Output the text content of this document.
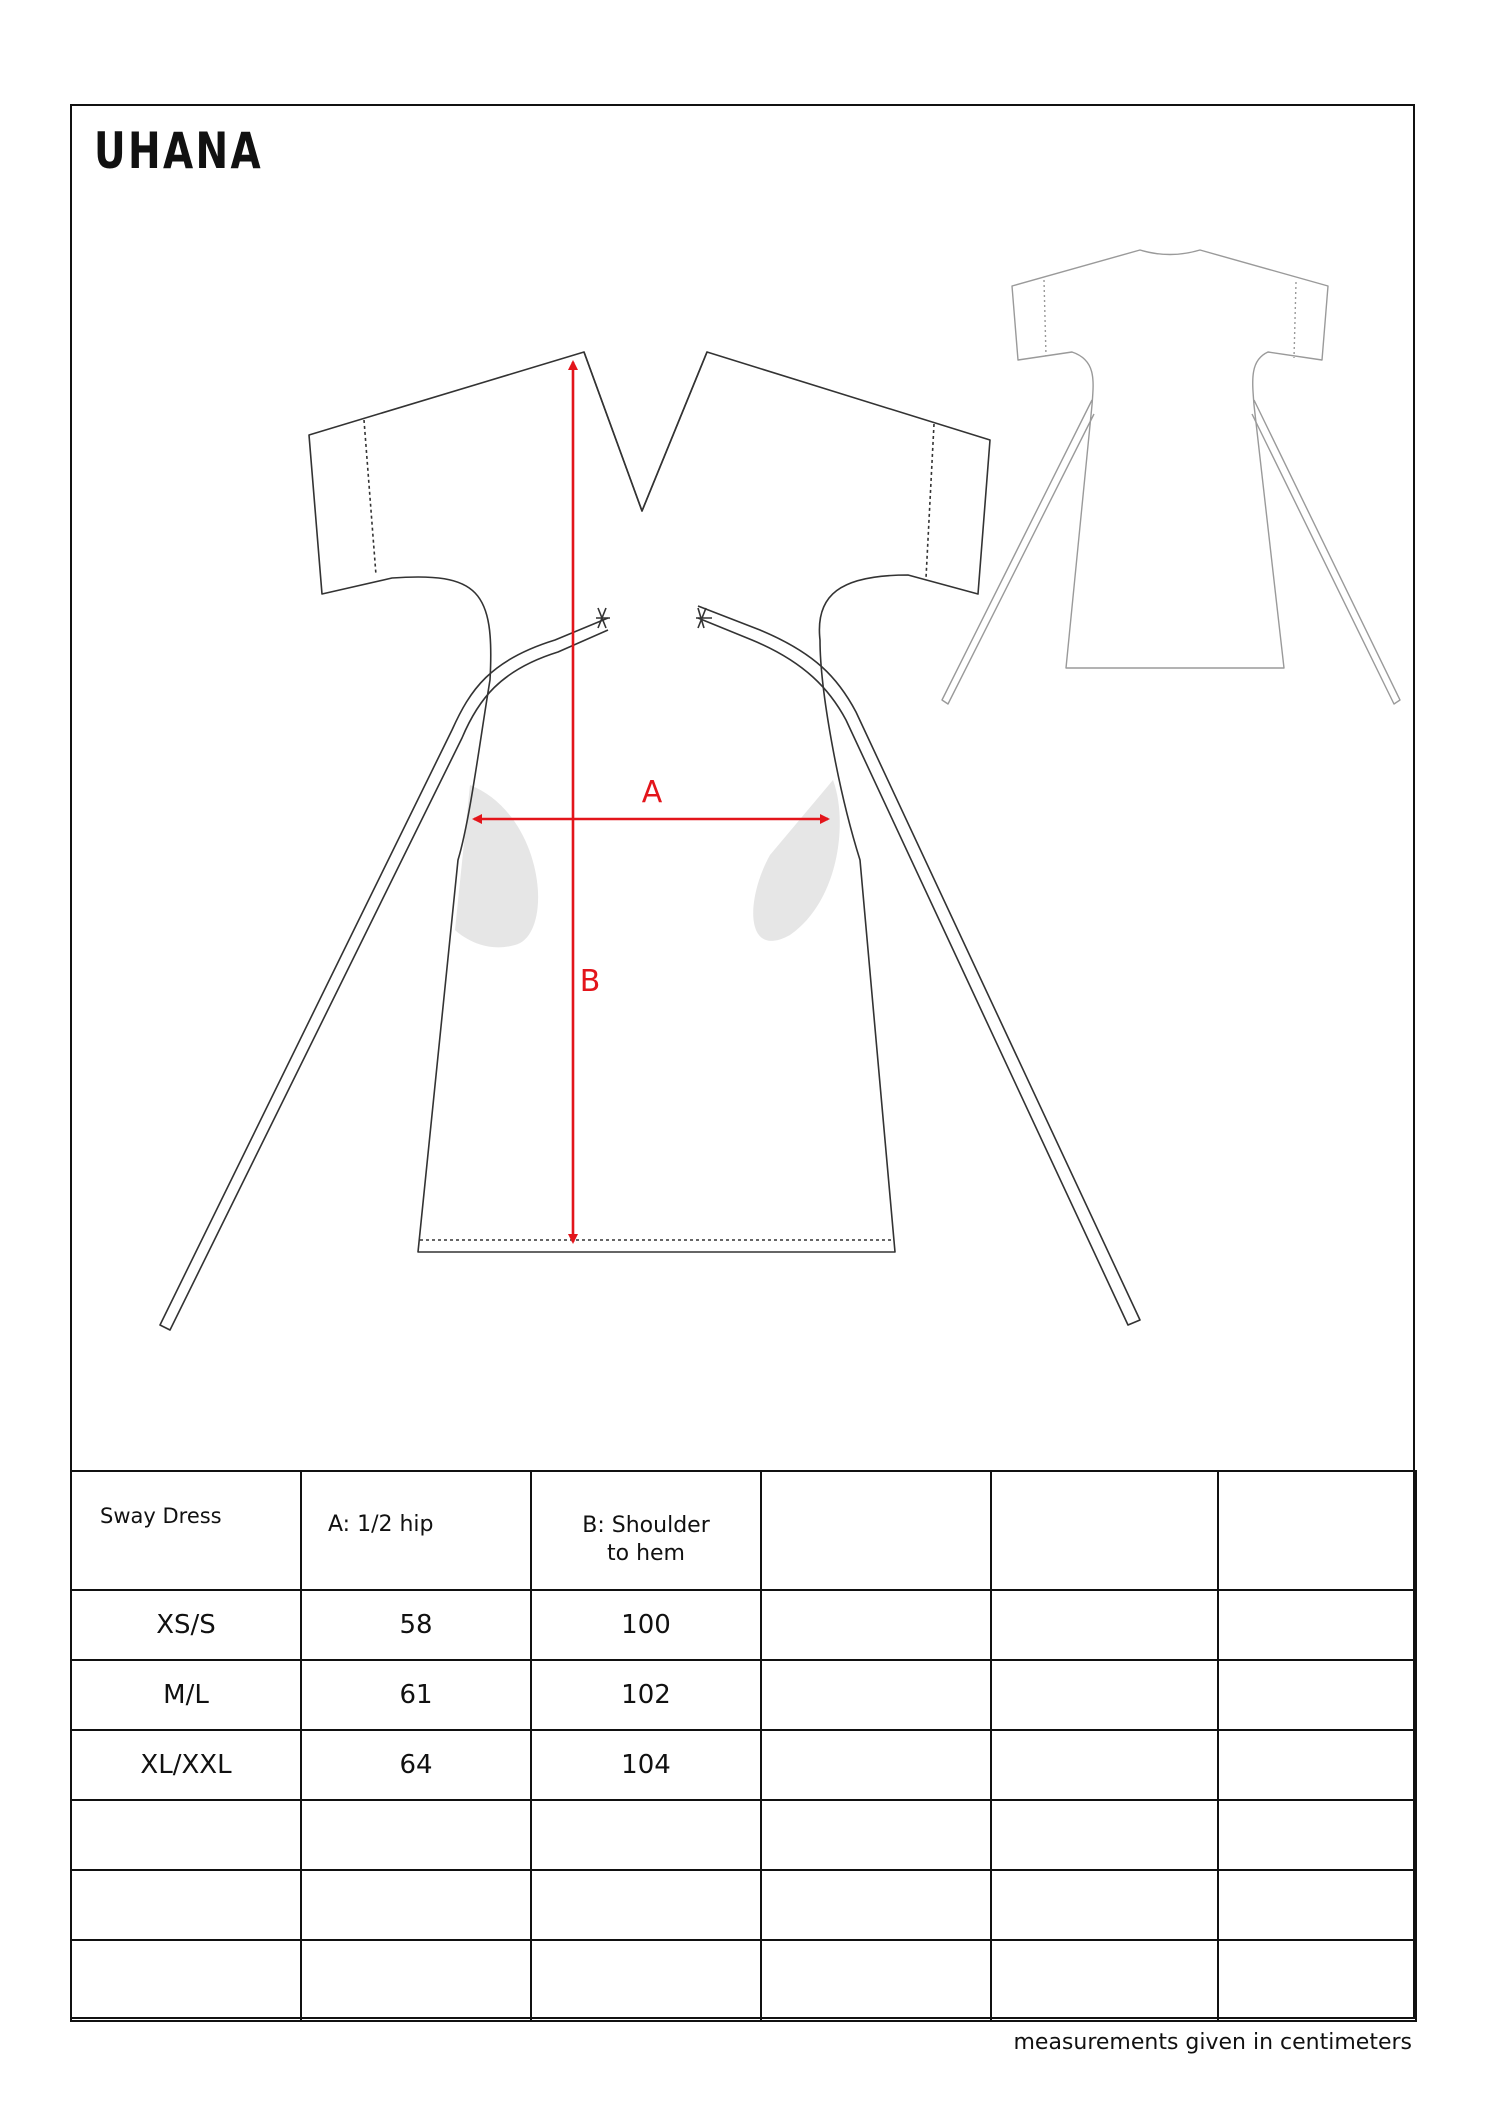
UHANA
A
B
Sway Dress	A: 1/2 hip	B: Shoulder
to hem			

XS/S	58	100			
M/L	61	102			
XL/XXL	64	104			

measurements given in centimeters
